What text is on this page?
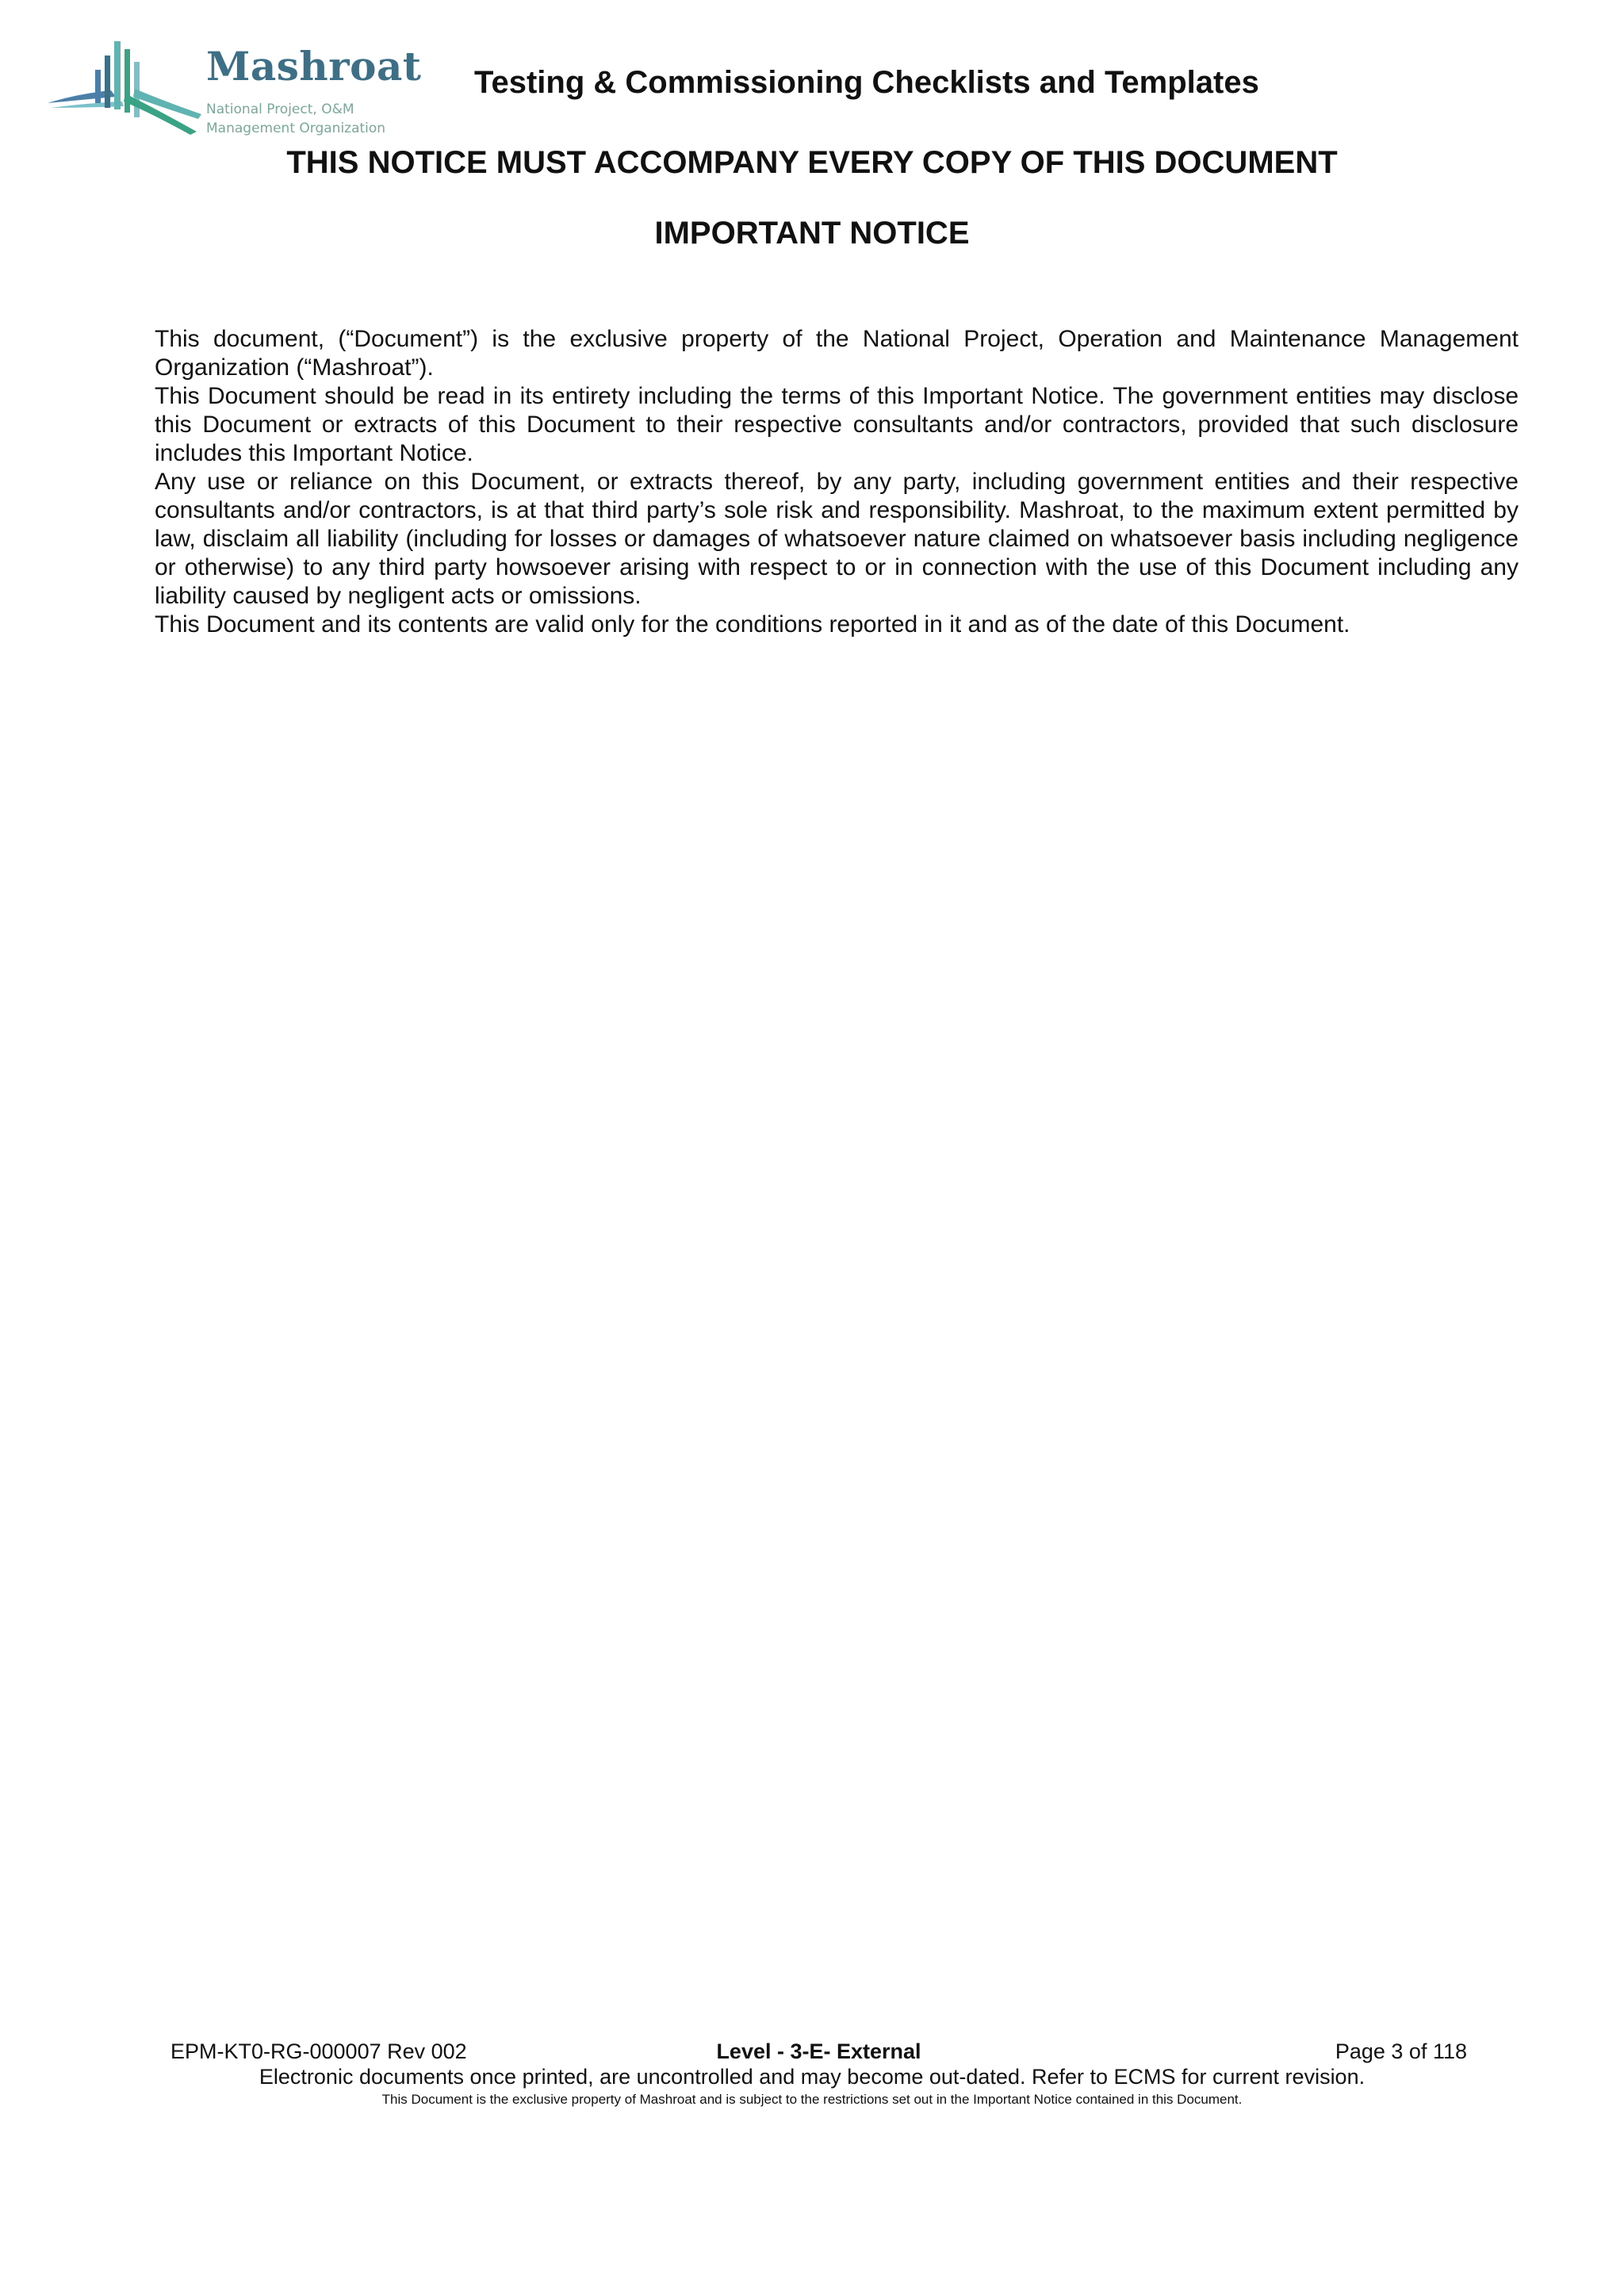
Mashroat
National Project, O&M
Management Organization
Testing & Commissioning Checklists and Templates
THIS NOTICE MUST ACCOMPANY EVERY COPY OF THIS DOCUMENT
IMPORTANT NOTICE

This document, (“Document”) is the exclusive property of the National Project, Operation and Maintenance Management Organization (“Mashroat”).

This Document should be read in its entirety including the terms of this Important Notice. The government entities may disclose this Document or extracts of this Document to their respective consultants and/or contractors, provided that such disclosure includes this Important Notice.

Any use or reliance on this Document, or extracts thereof, by any party, including government entities and their respective consultants and/or contractors, is at that third party’s sole risk and responsibility. Mashroat, to the maximum extent permitted by law, disclaim all liability (including for losses or damages of whatsoever nature claimed on whatsoever basis including negligence or otherwise) to any third party howsoever arising with respect to or in connection with the use of this Document including any liability caused by negligent acts or omissions.

This Document and its contents are valid only for the conditions reported in it and as of the date of this Document.

EPM-KT0-RG-000007 Rev 002	Level - 3-E- External	Page 3 of 118
Electronic documents once printed, are uncontrolled and may become out-dated. Refer to ECMS for current revision.
This Document is the exclusive property of Mashroat and is subject to the restrictions set out in the Important Notice contained in this Document.
